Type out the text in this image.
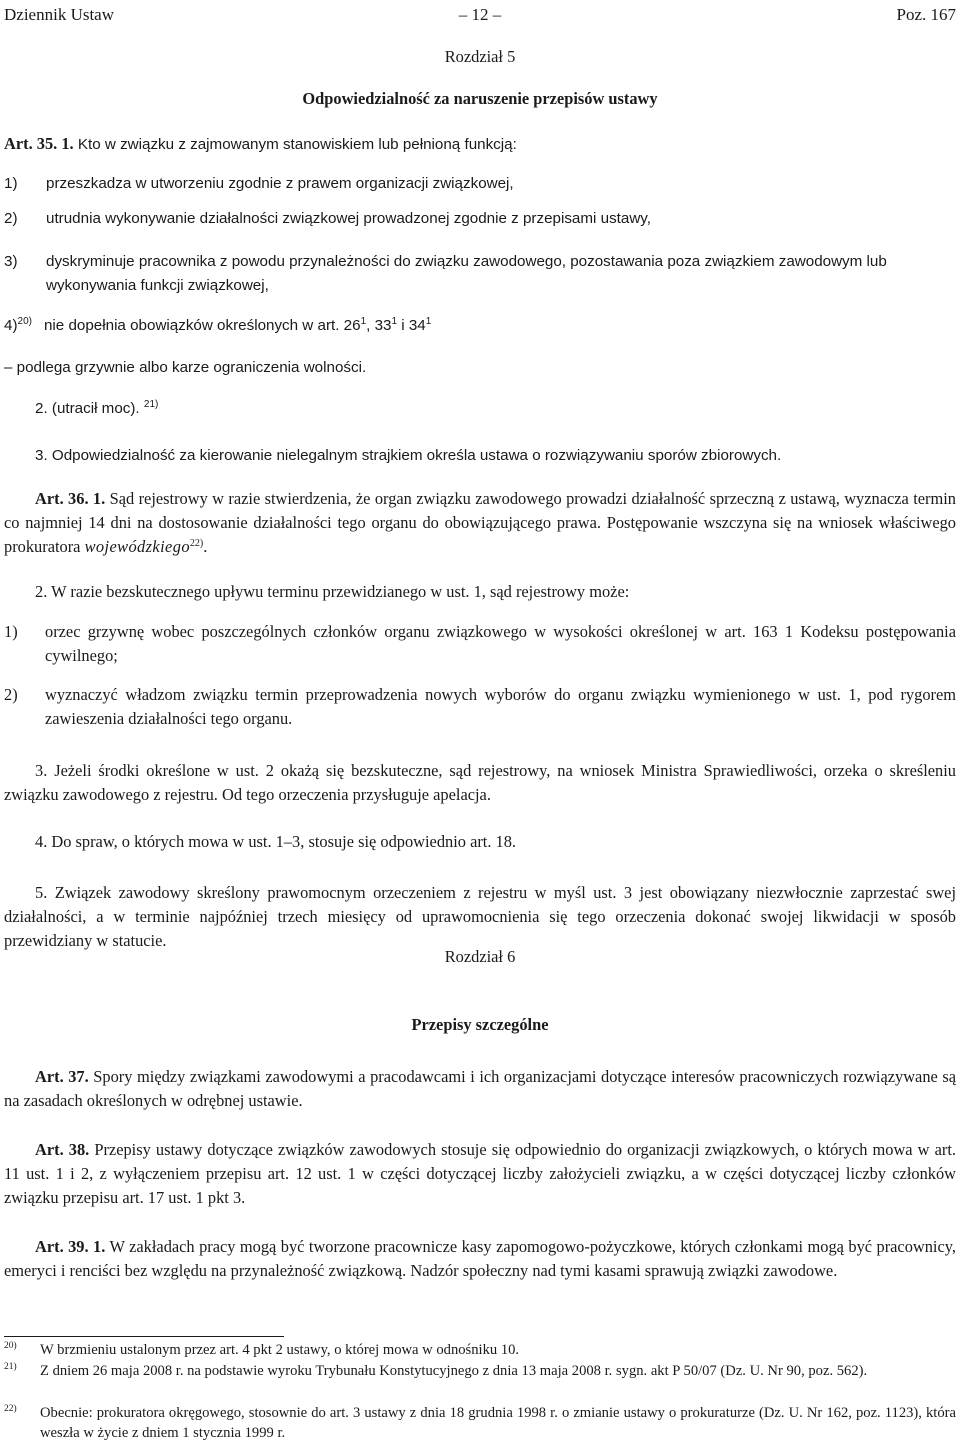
Dziennik Ustaw	– 12 –	Poz. 167
Rozdział 5
Odpowiedzialność za naruszenie przepisów ustawy
Art. 35. 1. Kto w związku z zajmowanym stanowiskiem lub pełnioną funkcją:
1)	przeszkadza w utworzeniu zgodnie z prawem organizacji związkowej,
2)	utrudnia wykonywanie działalności związkowej prowadzonej zgodnie z przepisami ustawy,
3)	dyskryminuje pracownika z powodu przynależności do związku zawodowego, pozostawania poza związkiem zawodowym lub wykonywania funkcji związkowej,
4)$^{20)}$ nie dopełnia obowiązków określonych w art. $26^1$, $33^1$ i $34^1$
– podlega grzywnie albo karze ograniczenia wolności.
2. (utracił moc). $^{21)}$
3. Odpowiedzialność za kierowanie nielegalnym strajkiem określa ustawa o rozwiązywaniu sporów zbiorowych.
Art. 36. 1. Sąd rejestrowy w razie stwierdzenia, że organ związku zawodowego prowadzi działalność sprzeczną z ustawą, wyznacza termin co najmniej 14 dni na dostosowanie działalności tego organu do obowiązującego prawa. Postępowanie wszczyna się na wniosek właściwego prokuratora wojewódzkiego$^{22)}$.
2. W razie bezskutecznego upływu terminu przewidzianego w ust. 1, sąd rejestrowy może:
1)	orzec grzywnę wobec poszczególnych członków organu związkowego w wysokości określonej w art. 163 1 Kodeksu postępowania cywilnego;
2)	wyznaczyć władzom związku termin przeprowadzenia nowych wyborów do organu związku wymienionego w ust. 1, pod rygorem zawieszenia działalności tego organu.
3. Jeżeli środki określone w ust. 2 okażą się bezskuteczne, sąd rejestrowy, na wniosek Ministra Sprawiedliwości, orzeka o skreśleniu związku zawodowego z rejestru. Od tego orzeczenia przysługuje apelacja.
4. Do spraw, o których mowa w ust. 1–3, stosuje się odpowiednio art. 18.
5. Związek zawodowy skreślony prawomocnym orzeczeniem z rejestru w myśl ust. 3 jest obowiązany niezwłocznie zaprzestać swej działalności, a w terminie najpóźniej trzech miesięcy od uprawomocnienia się tego orzeczenia dokonać swojej likwidacji w sposób przewidziany w statucie.
Rozdział 6
Przepisy szczególne
Art. 37. Spory między związkami zawodowymi a pracodawcami i ich organizacjami dotyczące interesów pracowniczych rozwiązywane są na zasadach określonych w odrębnej ustawie.
Art. 38. Przepisy ustawy dotyczące związków zawodowych stosuje się odpowiednio do organizacji związkowych, o których mowa w art. 11 ust. 1 i 2, z wyłączeniem przepisu art. 12 ust. 1 w części dotyczącej liczby założycieli związku, a w części dotyczącej liczby członków związku przepisu art. 17 ust. 1 pkt 3.
Art. 39. 1. W zakładach pracy mogą być tworzone pracownicze kasy zapomogowo-pożyczkowe, których członkami mogą być pracownicy, emeryci i renciści bez względu na przynależność związkową. Nadzór społeczny nad tymi kasami sprawują związki zawodowe.
20)	W brzmieniu ustalonym przez art. 4 pkt 2 ustawy, o której mowa w odnośniku 10.
21)	Z dniem 26 maja 2008 r. na podstawie wyroku Trybunału Konstytucyjnego z dnia 13 maja 2008 r. sygn. akt P 50/07 (Dz. U. Nr 90, poz. 562).
22)	Obecnie: prokuratora okręgowego, stosownie do art. 3 ustawy z dnia 18 grudnia 1998 r. o zmianie ustawy o prokuraturze (Dz. U. Nr 162, poz. 1123), która weszła w życie z dniem 1 stycznia 1999 r.
